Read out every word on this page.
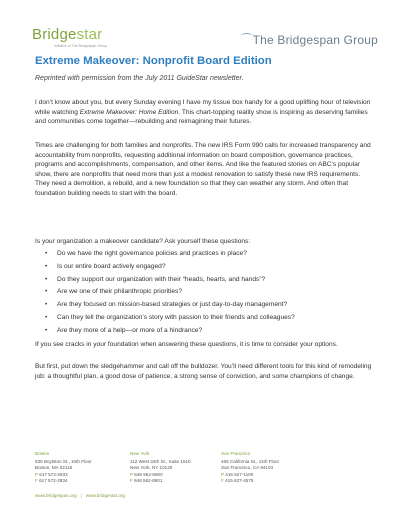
Bridgestar
Initiative of The Bridgespan Group	⁀The Bridgespan Group
Extreme Makeover: Nonprofit Board Edition
Reprinted with permission from the July 2011 GuideStar newsletter.
I don’t know about you, but every Sunday evening I have my tissue box handy for a good uplifting hour of television while watching Extreme Makeover: Home Edition. This chart-topping reality show is inspiring as deserving families and communities come together—rebuilding and reimagining their futures.
Times are challenging for both families and nonprofits. The new IRS Form 990 calls for increased transparency and accountability from nonprofits, requesting additional information on board composition, governance practices, programs and accomplishments, compensation, and other items. And like the featured stories on ABC’s popular show, there are nonprofits that need more than just a modest renovation to satisfy these new IRS requirements. They need a demolition, a rebuild, and a new foundation so that they can weather any storm. And often that foundation building needs to start with the board.
Is your organization a makeover candidate? Ask yourself these questions:
• Do we have the right governance policies and practices in place?
• Is our entire board actively engaged?
• Do they support our organization with their “heads, hearts, and hands”?
• Are we one of their philanthropic priorities?
• Are they focused on mission-based strategies or just day-to-day management?
• Can they tell the organization’s story with passion to their friends and colleagues?
• Are they more of a help—or more of a hindrance?
If you see cracks in your foundation when answering these questions, it is time to consider your options.
But first, put down the sledgehammer and call off the bulldozer. You’ll need different tools for this kind of remodeling job: a thoughtful plan, a good dose of patience, a strong sense of conviction, and some champions of change.
Boston
535 Boylston St., 10th Floor
Boston, MA 02116
P 617 572-2833
F 617 572-2834
New York
112 West 34th St., Suite 1510
New York, NY 10120
P 646 562-8900
F 646 562-8901
San Francisco
465 California St., 11th Floor
San Francisco, CA 94104
P 415 627-1100
F 415 627-4575
www.bridgespan.org | www.bridgestar.org
